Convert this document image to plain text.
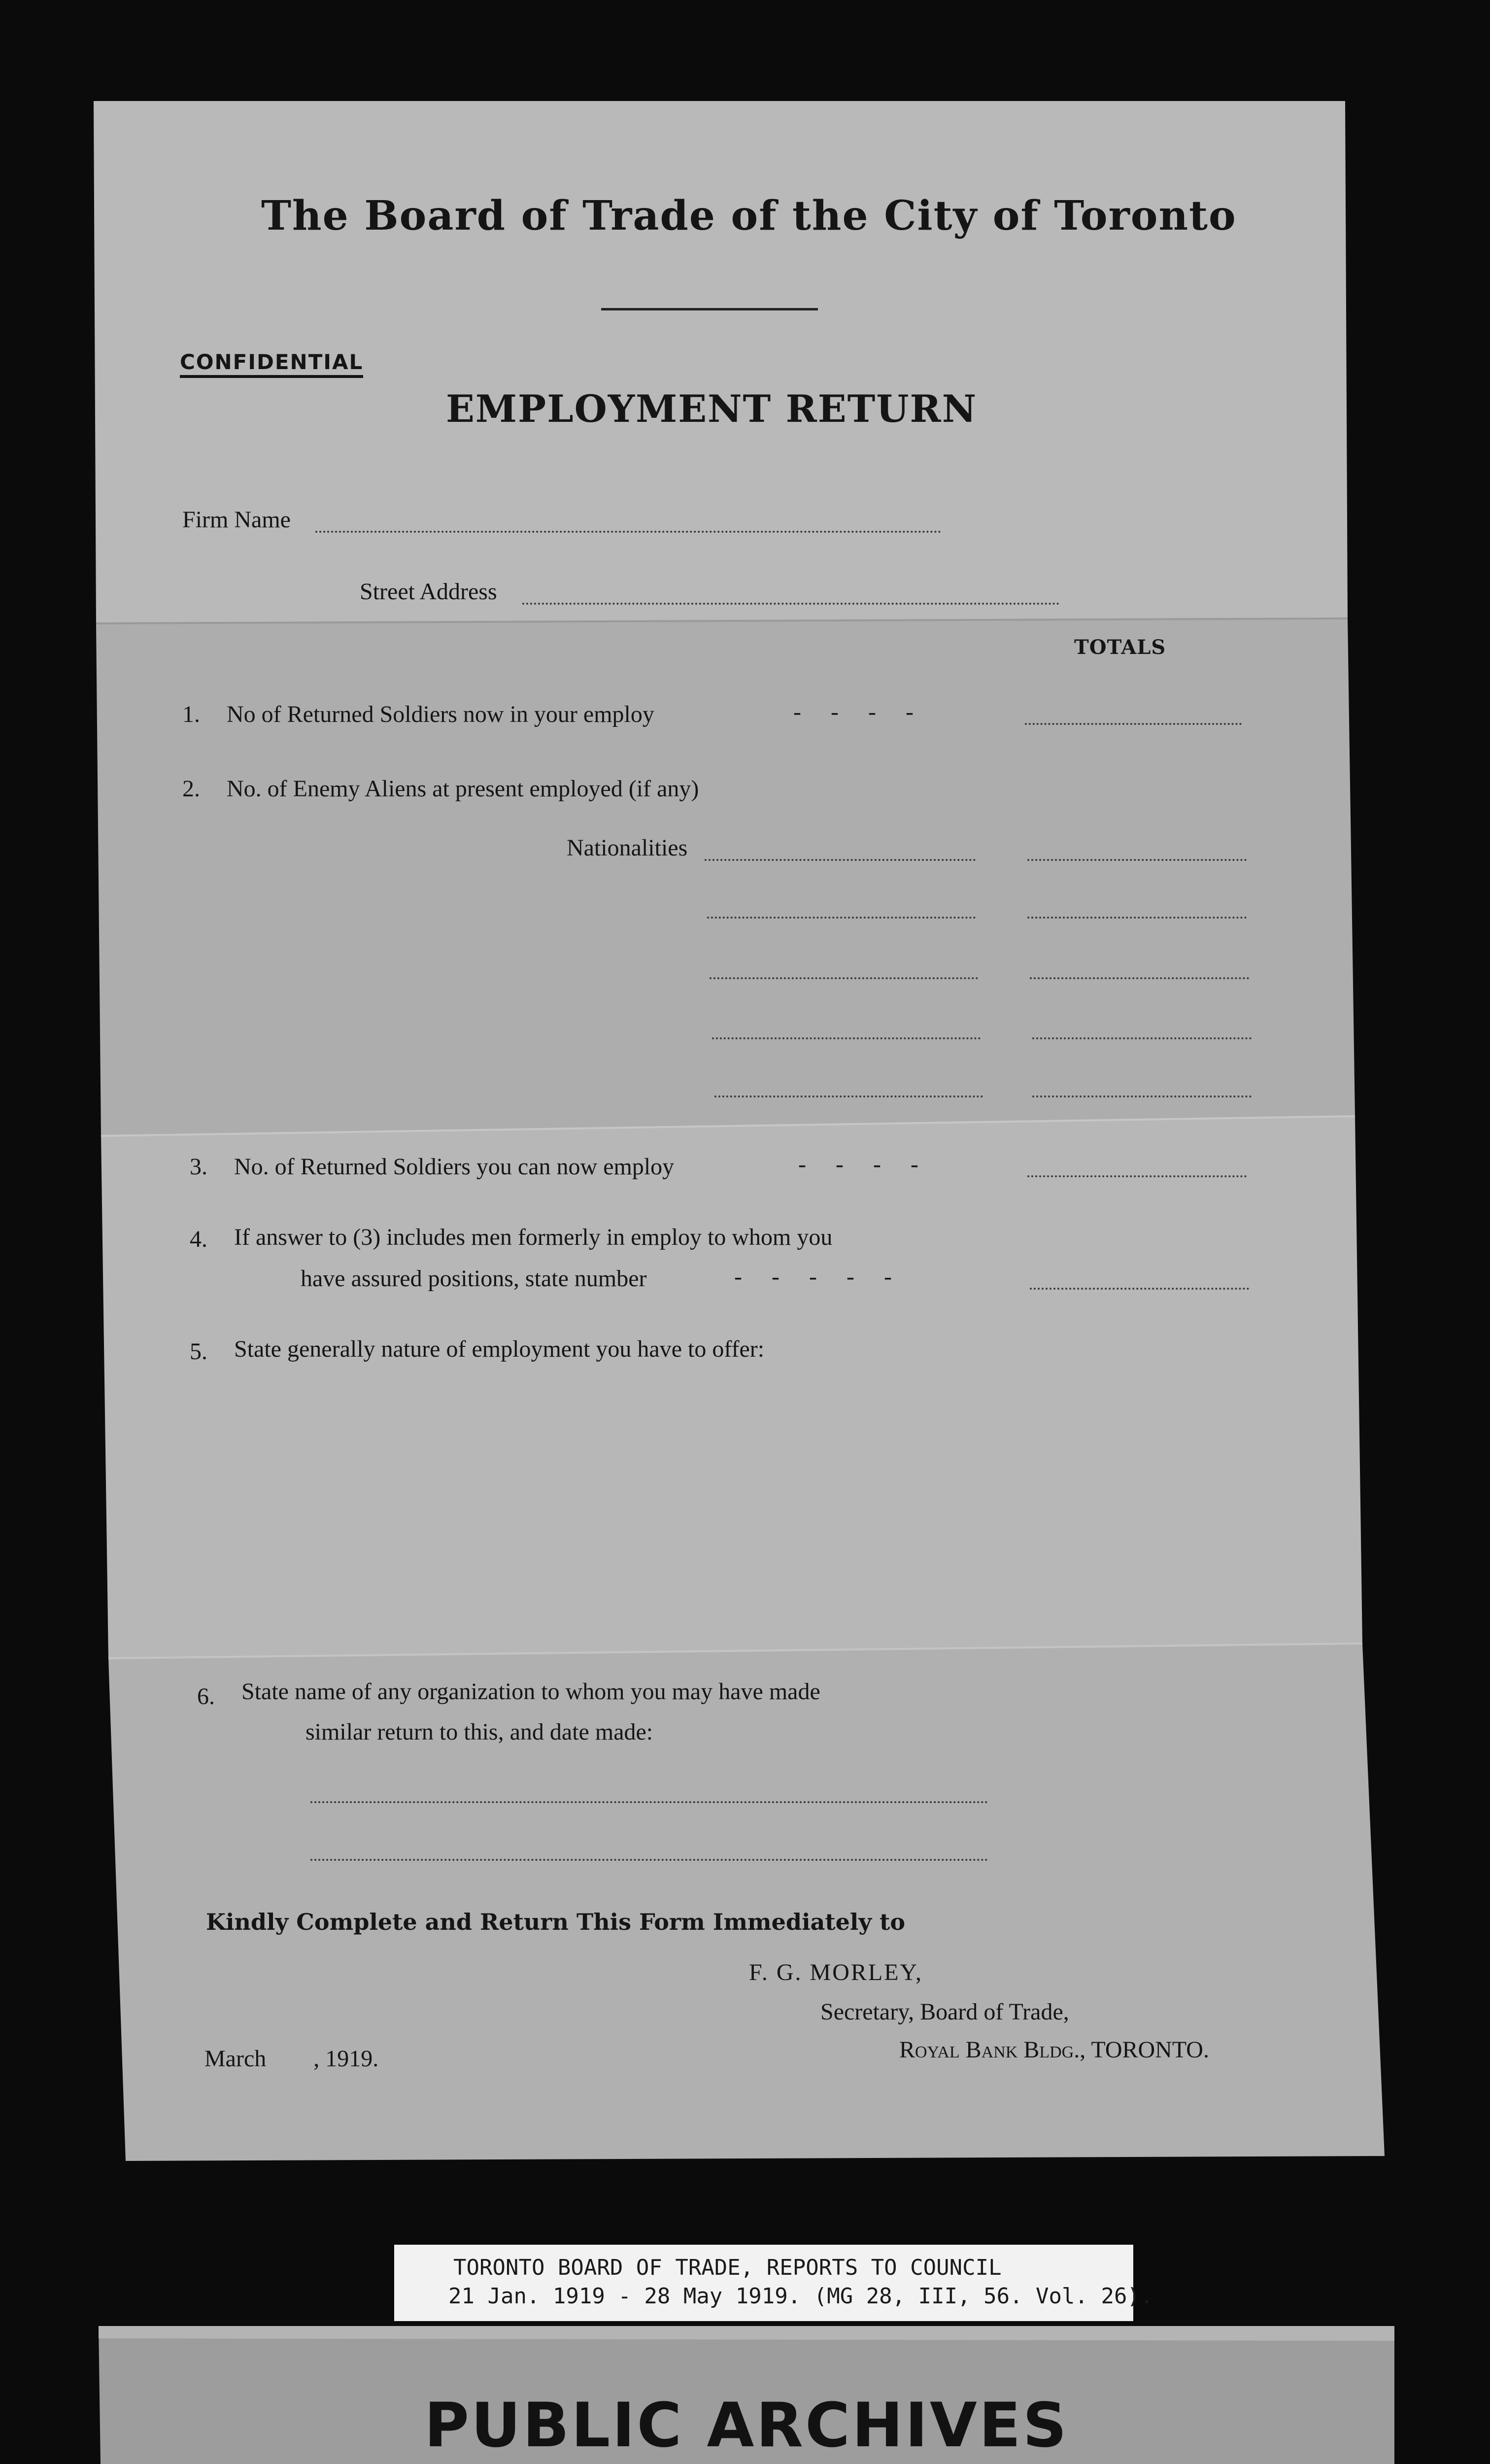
The Board of Trade of the City of Toronto
CONFIDENTIAL
EMPLOYMENT RETURN
Firm Name
Street Address
TOTALS
1. No of Returned Soldiers now in your employ	-     -     -     -
2. No. of Enemy Aliens at present employed (if any)
Nationalities
3. No. of Returned Soldiers you can now employ	-     -     -     -
4. If answer to (3) includes men formerly in employ to whom you
have assured positions, state number	-     -     -     -     -
5. State generally nature of employment you have to offer:
6. State name of any organization to whom you may have made
similar return to this, and date made:
Kindly Complete and Return This Form Immediately to
F. G. MORLEY,
Secretary, Board of Trade,
Royal Bank Bldg., TORONTO.
March        , 1919.
TORONTO BOARD OF TRADE, REPORTS TO COUNCIL
21 Jan. 1919 - 28 May 1919. (MG 28, III, 56. Vol. 26).
PUBLIC ARCHIVES
